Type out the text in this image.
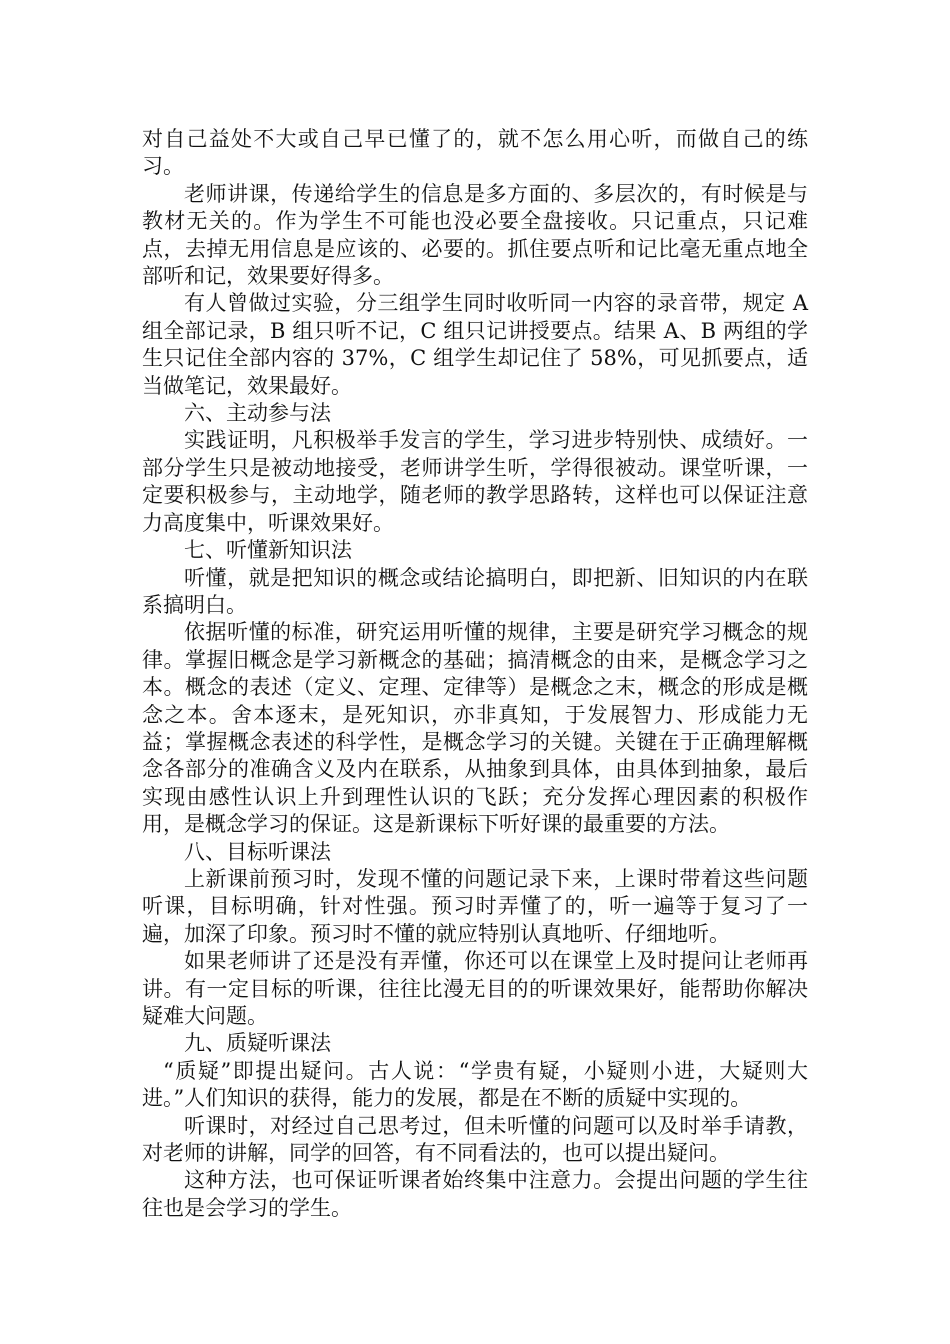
对自己益处不大或自己早已懂了的，就不怎么用心听，而做自己的练习。

老师讲课，传递给学生的信息是多方面的、多层次的，有时候是与教材无关的。作为学生不可能也没必要全盘接收。只记重点，只记难点，去掉无用信息是应该的、必要的。抓住要点听和记比毫无重点地全部听和记，效果要好得多。

有人曾做过实验，分三组学生同时收听同一内容的录音带，规定 A 组全部记录，B 组只听不记，C 组只记讲授要点。结果 A、B 两组的学生只记住全部内容的 37%，C 组学生却记住了 58%，可见抓要点，适当做笔记，效果最好。

六、主动参与法

实践证明，凡积极举手发言的学生，学习进步特别快、成绩好。一部分学生只是被动地接受，老师讲学生听，学得很被动。课堂听课，一定要积极参与，主动地学，随老师的教学思路转，这样也可以保证注意力高度集中，听课效果好。

七、听懂新知识法

听懂，就是把知识的概念或结论搞明白，即把新、旧知识的内在联系搞明白。

依据听懂的标准，研究运用听懂的规律，主要是研究学习概念的规律。掌握旧概念是学习新概念的基础；搞清概念的由来，是概念学习之本。概念的表述（定义、定理、定律等）是概念之末，概念的形成是概念之本。舍本逐末，是死知识，亦非真知，于发展智力、形成能力无益；掌握概念表述的科学性，是概念学习的关键。关键在于正确理解概念各部分的准确含义及内在联系，从抽象到具体，由具体到抽象，最后实现由感性认识上升到理性认识的飞跃；充分发挥心理因素的积极作用，是概念学习的保证。这是新课标下听好课的最重要的方法。

八、目标听课法

上新课前预习时，发现不懂的问题记录下来，上课时带着这些问题听课，目标明确，针对性强。预习时弄懂了的，听一遍等于复习了一遍，加深了印象。预习时不懂的就应特别认真地听、仔细地听。

如果老师讲了还是没有弄懂，你还可以在课堂上及时提问让老师再讲。有一定目标的听课，往往比漫无目的的听课效果好，能帮助你解决疑难大问题。

九、质疑听课法

“质疑”即提出疑问。古人说：“学贵有疑，小疑则小进，大疑则大进。”人们知识的获得，能力的发展，都是在不断的质疑中实现的。

听课时，对经过自己思考过，但未听懂的问题可以及时举手请教，对老师的讲解，同学的回答，有不同看法的，也可以提出疑问。

这种方法，也可保证听课者始终集中注意力。会提出问题的学生往往也是会学习的学生。
